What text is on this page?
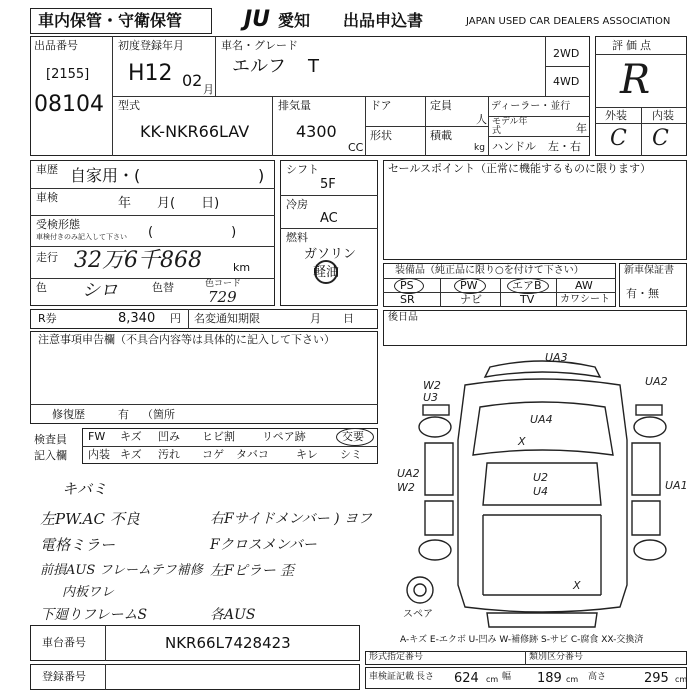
車内保管・守衛保管	JU 愛知 出品申込書	JAPAN USED CAR DEALERS ASSOCIATION
出品番号
[2155]
08104
初度登録年月
H12 02 月
車名・グレード
エルフ T
2WD
4WD
型式
KK-NKR66LAV
排気量
4300
CC
ドア
形状
定員
人
積載
kg
ディーラー・並行
モデル年式	年
ハンドル 左・右
評価点
R
外装 内装
C C
車歴 自家用・(	)
車検	年　　月(　　日)
受検形態
車検付きのみ記入して下さい (　　　　　　)
走行 32万6千868	km
色 シロ	色替	色コード
729
シフト
5F
冷房
AC
燃料
ガソリン
軽油
R券	8,340 円 名変通知期限	月　　日
セールスポイント（正常に機能するものに限ります）
装備品（純正品に限り○を付けて下さい）
PS	PW	エアB	AW
SR	ナビ	TV	カワシート
新車保証書
有・無
後日品
注意事項申告欄（不具合内容等は具体的に記入して下さい）
修復歴	有 （箇所
検査員
記入欄
FW キズ 凹み ヒビ割 リペア跡	交要
内装 キズ 汚れ コゲ タバコ キレ シミ
キバミ
左PW.AC 不良	右Fサイドメンバー ) ヨフ
電格ミラー	Fクロスメンバー
前損AUS フレームテフ補修 左Fピラー 歪
内板ワレ
下廻りフレームS	各AUS
UA3
UA2
W2
U3
UA4
X
U2
U4
UA2
W2	UA1
X
スペア
A-キズ E-エクボ U-凹み W-補修跡 S-サビ C-腐食 XX-交換済
車台番号	NKR66L7428423
登録番号
形式指定番号	類別区分番号
車検証記載 長さ 624 cm 幅 189 cm 高さ	295 cm
